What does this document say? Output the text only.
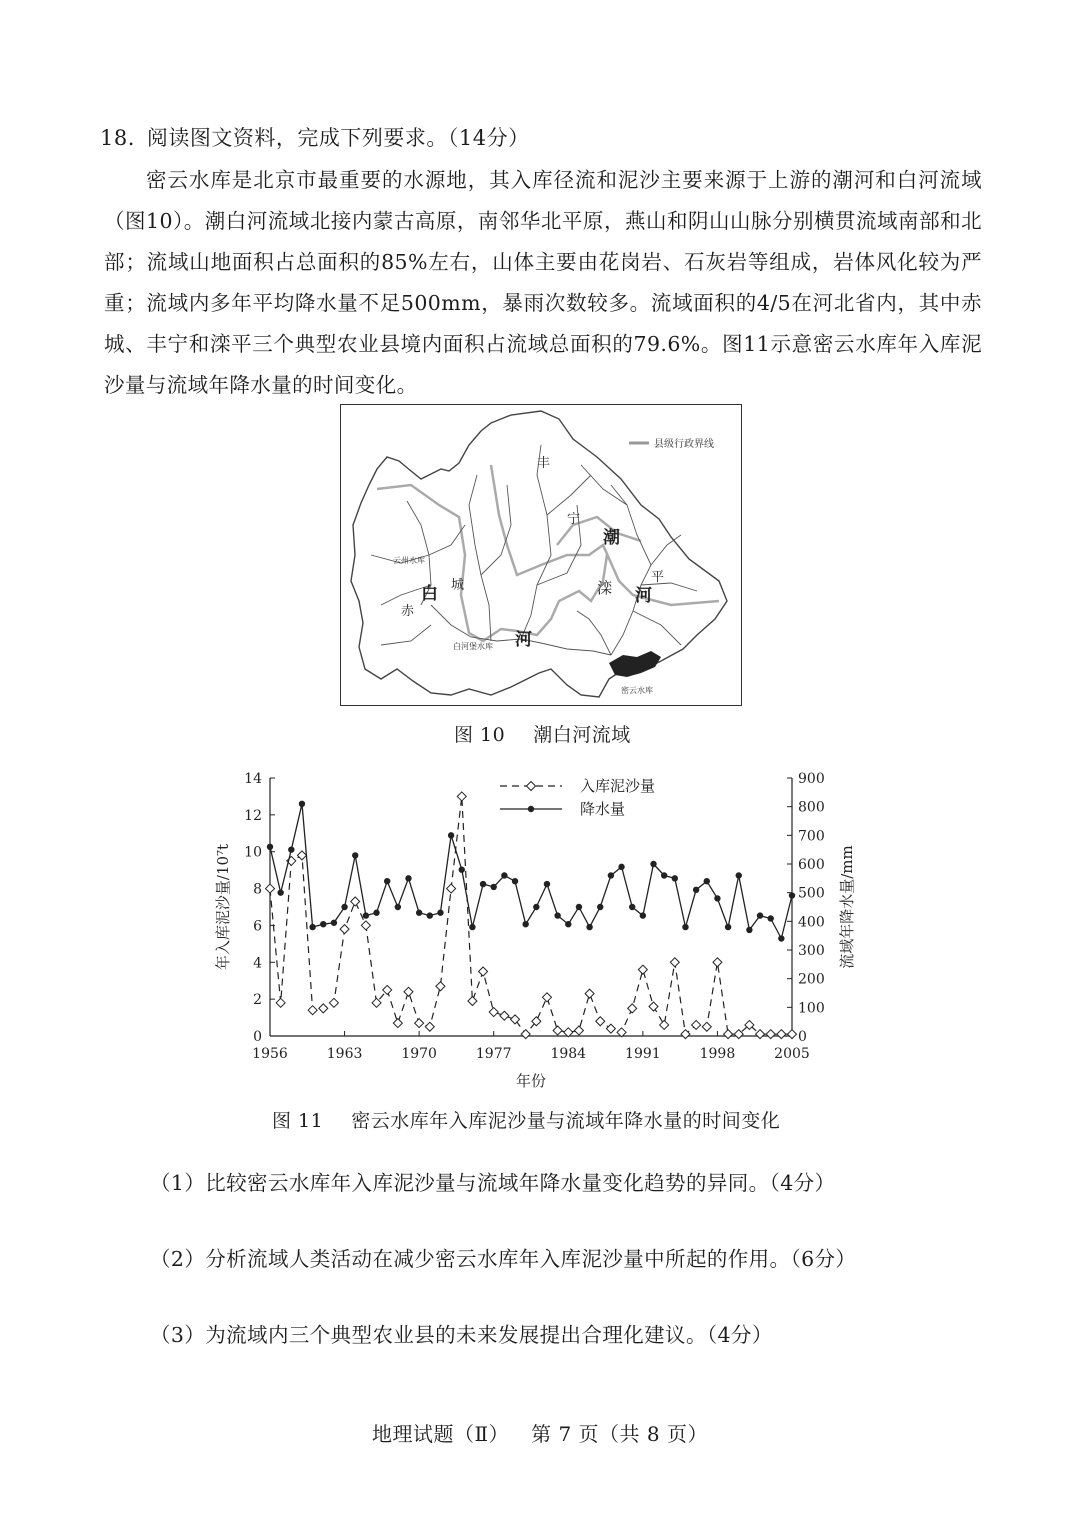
18. 阅读图文资料，完成下列要求。（14分）
密云水库是北京市最重要的水源地，其入库径流和泥沙主要来源于上游的潮河和白河流域（图10）。潮白河流域北接内蒙古高原，南邻华北平原，燕山和阴山山脉分别横贯流域南部和北部；流域山地面积占总面积的85%左右，山体主要由花岗岩、石灰岩等组成，岩体风化较为严重；流域内多年平均降水量不足500mm，暴雨次数较多。流域面积的4/5在河北省内，其中赤城、丰宁和滦平三个典型农业县境内面积占流域总面积的79.6%。图11示意密云水库年入库泥沙量与流域年降水量的时间变化。
县级行政界线
丰
宁
潮
滦
平
河
白 城
赤
河
云州水库
白河堡水库
密云水库
图 10 潮白河流域
0
2
4
6
8
10
12
14
0
100
200
300
400
500
600
700
800
900
1956	1963	1970	1977	1984	1991	1998	2005
年份
年入库泥沙量/10⁷t	流域年降水量/mm
入库泥沙量
降水量
图 11 密云水库年入库泥沙量与流域年降水量的时间变化
（1）比较密云水库年入库泥沙量与流域年降水量变化趋势的异同。（4分）
（2）分析流域人类活动在减少密云水库年入库泥沙量中所起的作用。（6分）
（3）为流域内三个典型农业县的未来发展提出合理化建议。（4分）
地理试题（Ⅱ） 第 7 页（共 8 页）
